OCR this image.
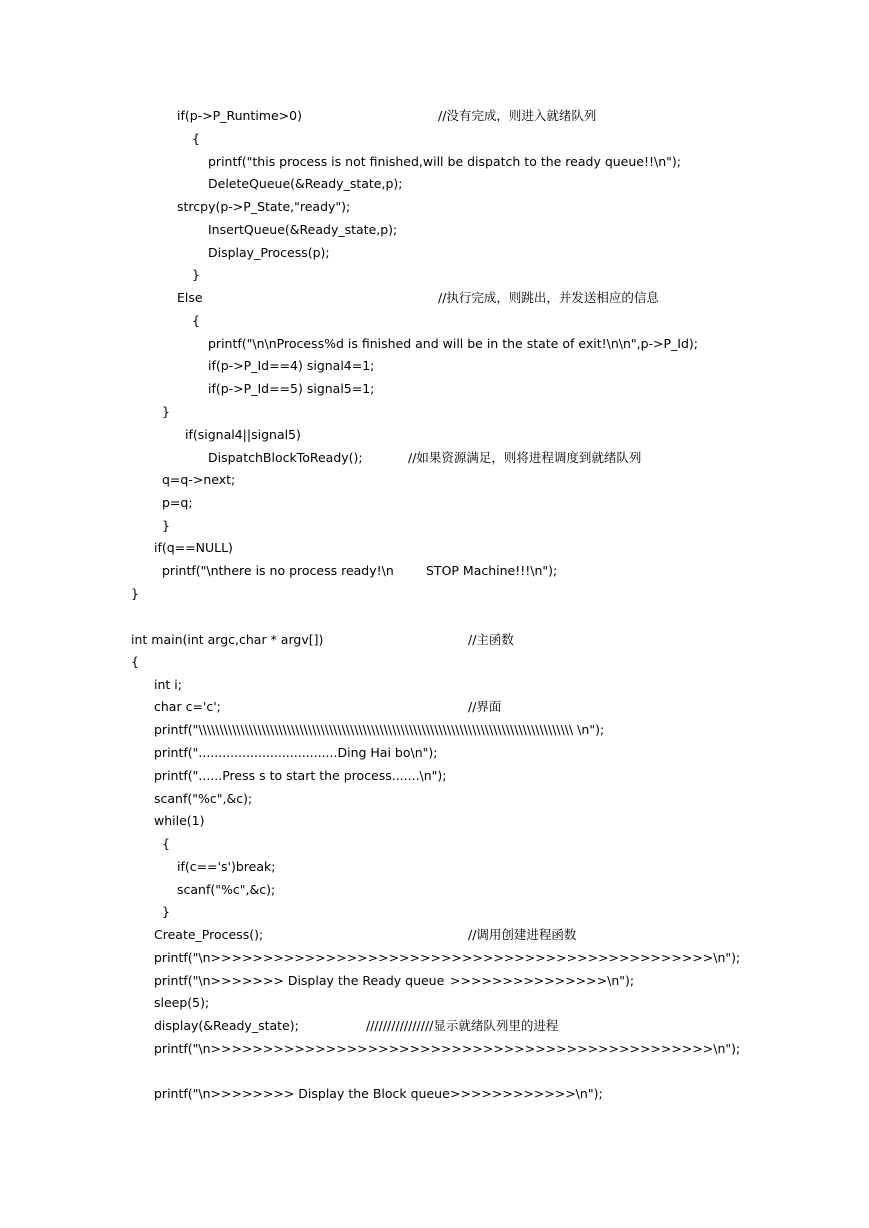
if(p->P_Runtime>0)	//没有完成，则进入就绪队列
{
printf("this process is not finished,will be dispatch to the ready queue!!\n");
DeleteQueue(&Ready_state,p);
strcpy(p->P_State,"ready");
InsertQueue(&Ready_state,p);
Display_Process(p);
}
Else	//执行完成，则跳出，并发送相应的信息
{
printf("\n\nProcess%d is finished and will be in the state of exit!\n\n",p->P_Id);
if(p->P_Id==4) signal4=1;
if(p->P_Id==5) signal5=1;
}
if(signal4||signal5)
DispatchBlockToReady();	//如果资源满足，则将进程调度到就绪队列
q=q->next;
p=q;
}
if(q==NULL)
printf("\nthere is no process ready!\n	STOP Machine!!!\n");
}
int main(int argc,char * argv[])	//主函数
{
int i;
char c='c';	//界面
printf("\\\\\\\\\\\\\\\\\\\\\\\\\\\\\\\\\\\\\\\\\\\\\\\\\\\\\\\\\\\\\\\\\\\\\\\\\\\\\\\\\\\\\\\\\ \n");
printf("...................................Ding Hai bo\n");
printf("......Press s to start the process.......\n");
scanf("%c",&c);
while(1)
{
if(c=='s')break;
scanf("%c",&c);
}
Create_Process();	//调用创建进程函数
printf("\n>>>>>>>>>>>>>>>>>>>>>>>>>>>>>>>>>>>>>>>>>>>>>>>>\n");
printf("\n>>>>>>> Display the Ready queue >>>>>>>>>>>>>>>\n");
sleep(5);
display(&Ready_state);	////////////////显示就绪队列里的进程
printf("\n>>>>>>>>>>>>>>>>>>>>>>>>>>>>>>>>>>>>>>>>>>>>>>>>\n");
printf("\n>>>>>>>> Display the Block queue >>>>>>>>>>>>\n");
